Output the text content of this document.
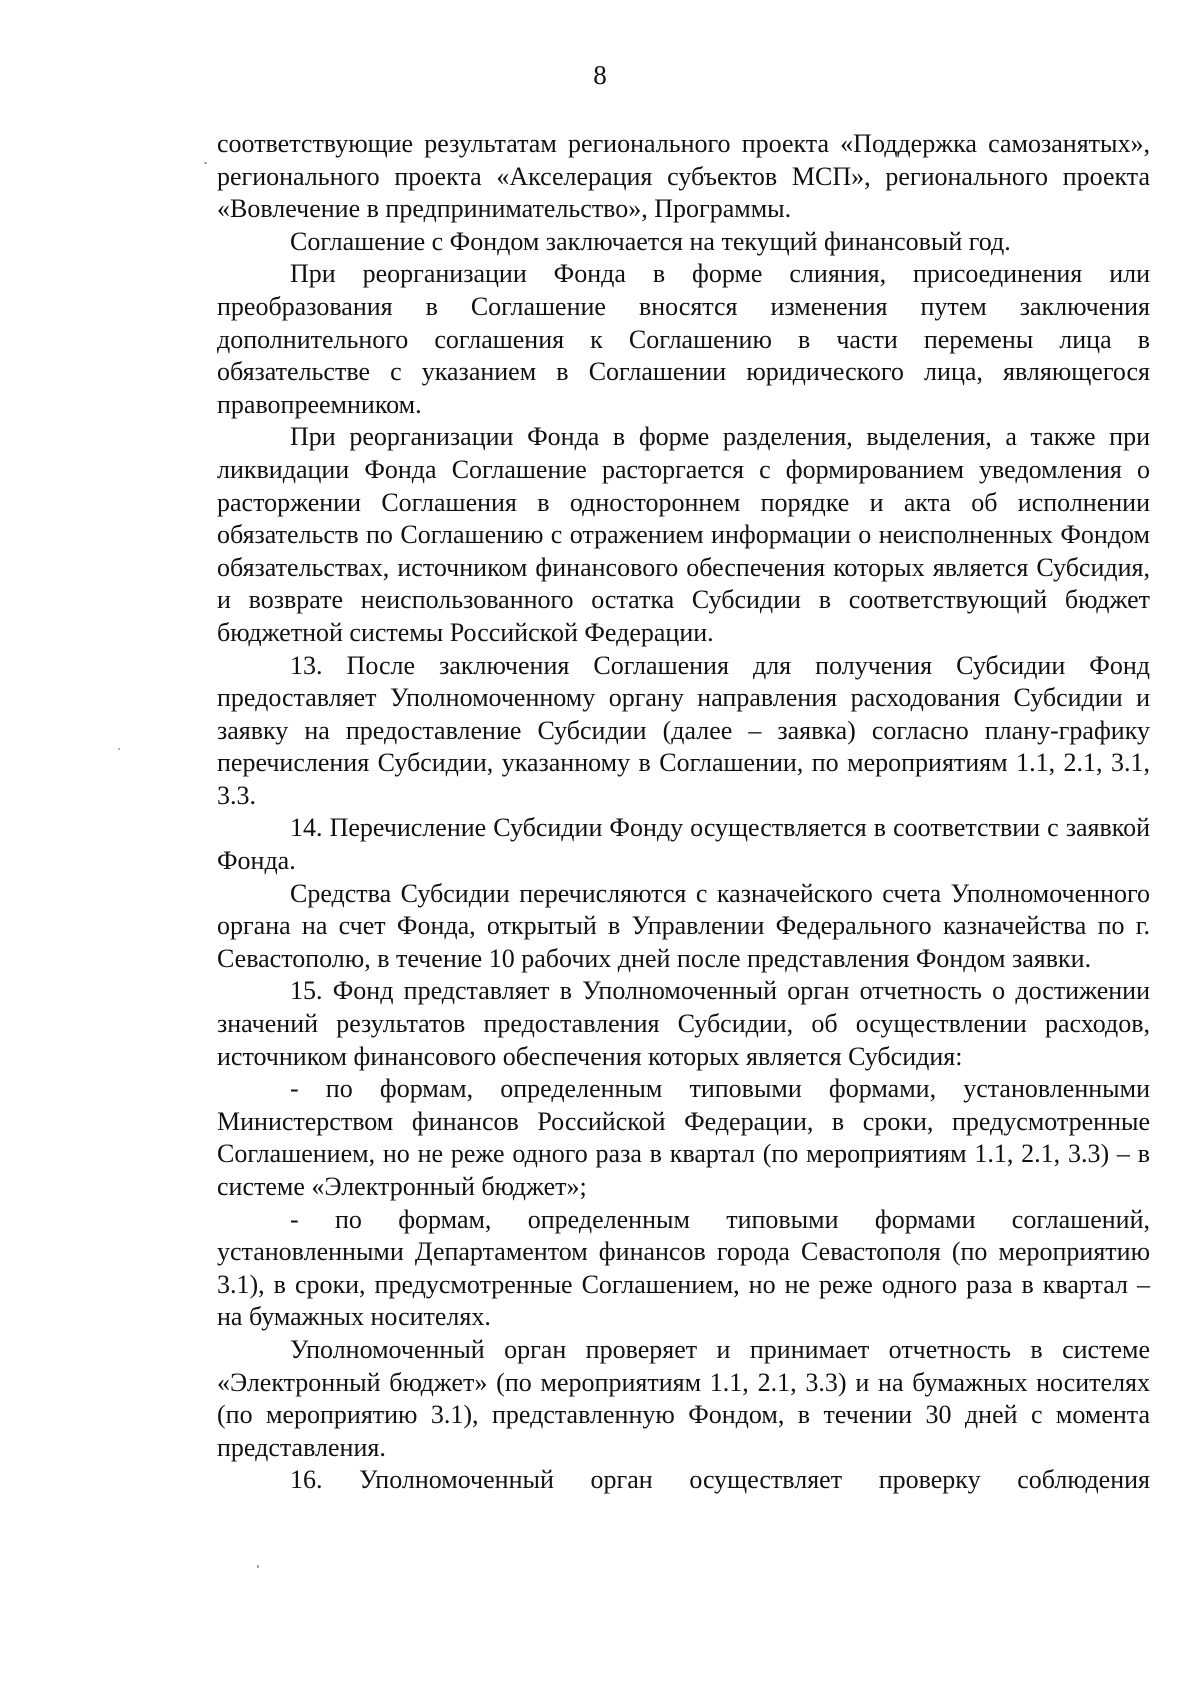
8

соответствующие результатам регионального проекта «Поддержка самозанятых», регионального проекта «Акселерация субъектов МСП», регионального проекта «Вовлечение в предпринимательство», Программы.

Соглашение с Фондом заключается на текущий финансовый год.

При реорганизации Фонда в форме слияния, присоединения или преобразования в Соглашение вносятся изменения путем заключения дополнительного соглашения к Соглашению в части перемены лица в обязательстве с указанием в Соглашении юридического лица, являющегося правопреемником.

При реорганизации Фонда в форме разделения, выделения, а также при ликвидации Фонда Соглашение расторгается с формированием уведомления о расторжении Соглашения в одностороннем порядке и акта об исполнении обязательств по Соглашению с отражением информации о неисполненных Фондом обязательствах, источником финансового обеспечения которых является Субсидия, и возврате неиспользованного остатка Субсидии в соответствующий бюджет бюджетной системы Российской Федерации.

13. После заключения Соглашения для получения Субсидии Фонд предоставляет Уполномоченному органу направления расходования Субсидии и заявку на предоставление Субсидии (далее – заявка) согласно плану-графику перечисления Субсидии, указанному в Соглашении, по мероприятиям 1.1, 2.1, 3.1, 3.3.

14. Перечисление Субсидии Фонду осуществляется в соответствии с заявкой Фонда.

Средства Субсидии перечисляются с казначейского счета Уполномоченного органа на счет Фонда, открытый в Управлении Федерального казначейства по г. Севастополю, в течение 10 рабочих дней после представления Фондом заявки.

15. Фонд представляет в Уполномоченный орган отчетность о достижении значений результатов предоставления Субсидии, об осуществлении расходов, источником финансового обеспечения которых является Субсидия:

- по формам, определенным типовыми формами, установленными Министерством финансов Российской Федерации, в сроки, предусмотренные Соглашением, но не реже одного раза в квартал (по мероприятиям 1.1, 2.1, 3.3) – в системе «Электронный бюджет»;

- по формам, определенным типовыми формами соглашений, установленными Департаментом финансов города Севастополя (по мероприятию 3.1), в сроки, предусмотренные Соглашением, но не реже одного раза в квартал – на бумажных носителях.

Уполномоченный орган проверяет и принимает отчетность в системе «Электронный бюджет» (по мероприятиям 1.1, 2.1, 3.3) и на бумажных носителях (по мероприятию 3.1), представленную Фондом, в течении 30 дней с момента представления.

16. Уполномоченный орган осуществляет проверку соблюдения
